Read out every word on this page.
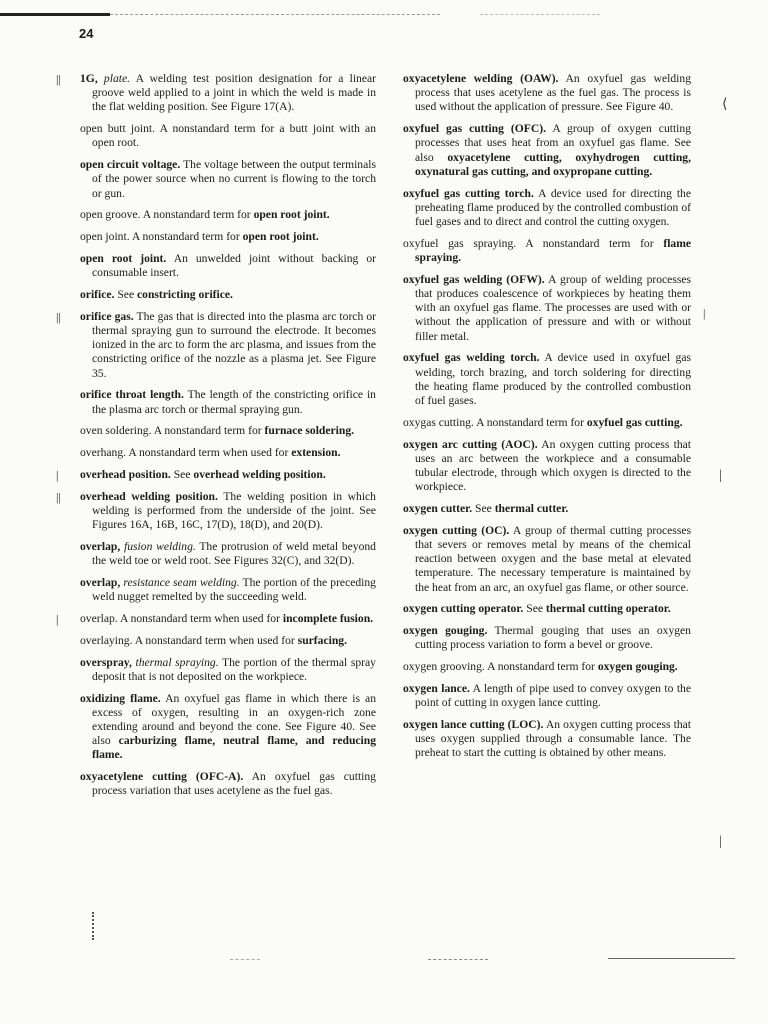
24

|| 1G, plate. A welding test position designation for a linear groove weld applied to a joint in which the weld is made in the flat welding position. See Figure 17(A).

open butt joint. A nonstandard term for a butt joint with an open root.

open circuit voltage. The voltage between the output terminals of the power source when no current is flowing to the torch or gun.

open groove. A nonstandard term for open root joint.

open joint. A nonstandard term for open root joint.

open root joint. An unwelded joint without backing or consumable insert.

orifice. See constricting orifice.

|| orifice gas. The gas that is directed into the plasma arc torch or thermal spraying gun to surround the electrode. It becomes ionized in the arc to form the arc plasma, and issues from the constricting orifice of the nozzle as a plasma jet. See Figure 35.

orifice throat length. The length of the constricting orifice in the plasma arc torch or thermal spraying gun.

oven soldering. A nonstandard term for furnace soldering.

overhang. A nonstandard term when used for extension.

| overhead position. See overhead welding position.

|| overhead welding position. The welding position in which welding is performed from the underside of the joint. See Figures 16A, 16B, 16C, 17(D), 18(D), and 20(D).

overlap, fusion welding. The protrusion of weld metal beyond the weld toe or weld root. See Figures 32(C), and 32(D).

overlap, resistance seam welding. The portion of the preceding weld nugget remelted by the succeeding weld.

| overlap. A nonstandard term when used for incomplete fusion.

overlaying. A nonstandard term when used for surfacing.

overspray, thermal spraying. The portion of the thermal spray deposit that is not deposited on the workpiece.

oxidizing flame. An oxyfuel gas flame in which there is an excess of oxygen, resulting in an oxygen-rich zone extending around and beyond the cone. See Figure 40. See also carburizing flame, neutral flame, and reducing flame.

oxyacetylene cutting (OFC-A). An oxyfuel gas cutting process variation that uses acetylene as the fuel gas.

oxyacetylene welding (OAW). An oxyfuel gas welding process that uses acetylene as the fuel gas. The process is used without the application of pressure. See Figure 40.

oxyfuel gas cutting (OFC). A group of oxygen cutting processes that uses heat from an oxyfuel gas flame. See also oxyacetylene cutting, oxyhydrogen cutting, oxynatural gas cutting, and oxypropane cutting.

oxyfuel gas cutting torch. A device used for directing the preheating flame produced by the controlled combustion of fuel gases and to direct and control the cutting oxygen.

oxyfuel gas spraying. A nonstandard term for flame spraying.

oxyfuel gas welding (OFW). A group of welding processes that produces coalescence of workpieces by heating them with an oxyfuel gas flame. The processes are used with or without the application of pressure and with or without filler metal.

oxyfuel gas welding torch. A device used in oxyfuel gas welding, torch brazing, and torch soldering for directing the heating flame produced by the controlled combustion of fuel gases.

oxygas cutting. A nonstandard term for oxyfuel gas cutting.

oxygen arc cutting (AOC). An oxygen cutting process that uses an arc between the workpiece and a consumable tubular electrode, through which oxygen is directed to the workpiece.

oxygen cutter. See thermal cutter.

oxygen cutting (OC). A group of thermal cutting processes that severs or removes metal by means of the chemical reaction between oxygen and the base metal at elevated temperature. The necessary temperature is maintained by the heat from an arc, an oxyfuel gas flame, or other source.

oxygen cutting operator. See thermal cutting operator.

oxygen gouging. Thermal gouging that uses an oxygen cutting process variation to form a bevel or groove.

oxygen grooving. A nonstandard term for oxygen gouging.

oxygen lance. A length of pipe used to convey oxygen to the point of cutting in oxygen lance cutting.

oxygen lance cutting (LOC). An oxygen cutting process that uses oxygen supplied through a consumable lance. The preheat to start the cutting is obtained by other means.

⟨
|
|
|
